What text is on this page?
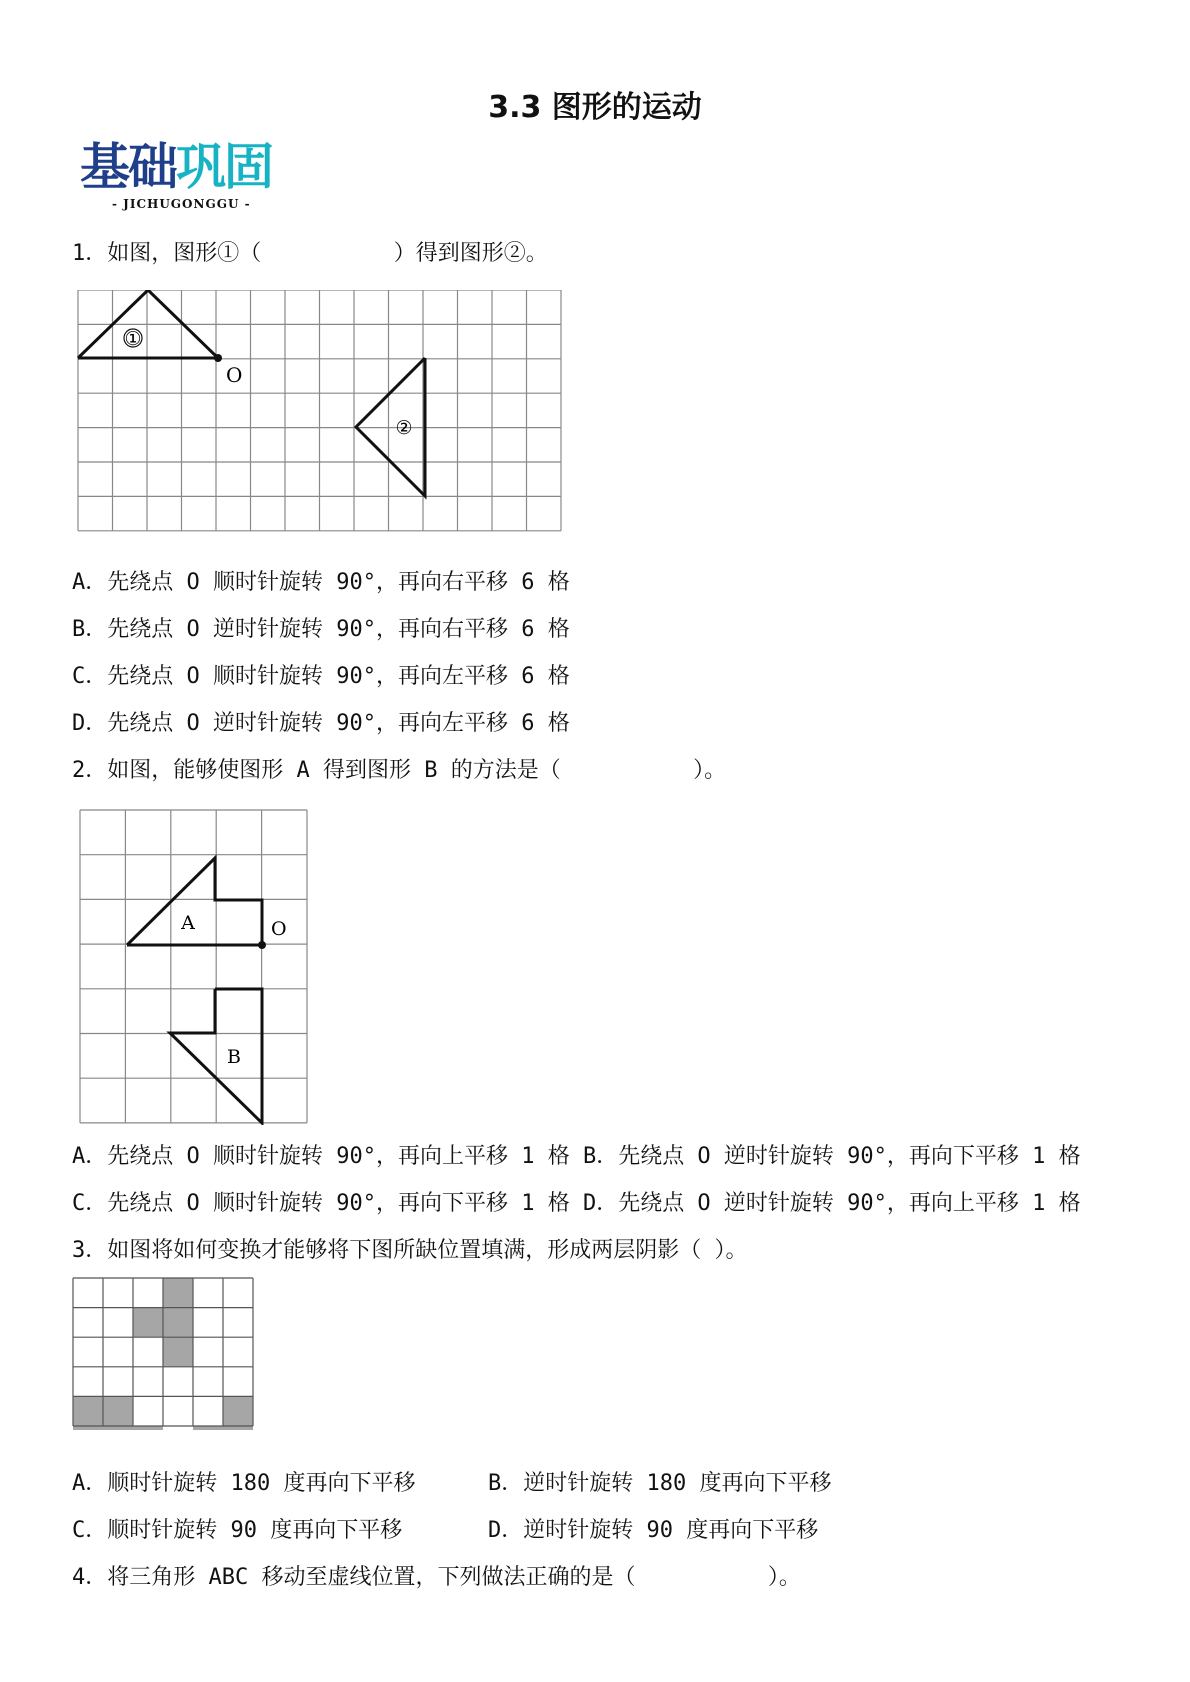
3.3 图形的运动
基础巩固
- JICHUGONGGU -
1．如图，图形①（          ）得到图形②。
O
①
②
A．先绕点 O 顺时针旋转 90°，再向右平移 6 格
B．先绕点 O 逆时针旋转 90°，再向右平移 6 格
C．先绕点 O 顺时针旋转 90°，再向左平移 6 格
D．先绕点 O 逆时针旋转 90°，再向左平移 6 格
2．如图，能够使图形 A 得到图形 B 的方法是（          ）。
O
A
B
A．先绕点 O 顺时针旋转 90°，再向上平移 1 格 B．先绕点 O 逆时针旋转 90°，再向下平移 1 格
C．先绕点 O 顺时针旋转 90°，再向下平移 1 格 D．先绕点 O 逆时针旋转 90°，再向上平移 1 格
3．如图将如何变换才能够将下图所缺位置填满，形成两层阴影（ ）。
A．顺时针旋转 180 度再向下平移	B．逆时针旋转 180 度再向下平移
C．顺时针旋转 90 度再向下平移	D．逆时针旋转 90 度再向下平移
4．将三角形 ABC 移动至虚线位置，下列做法正确的是（          ）。
